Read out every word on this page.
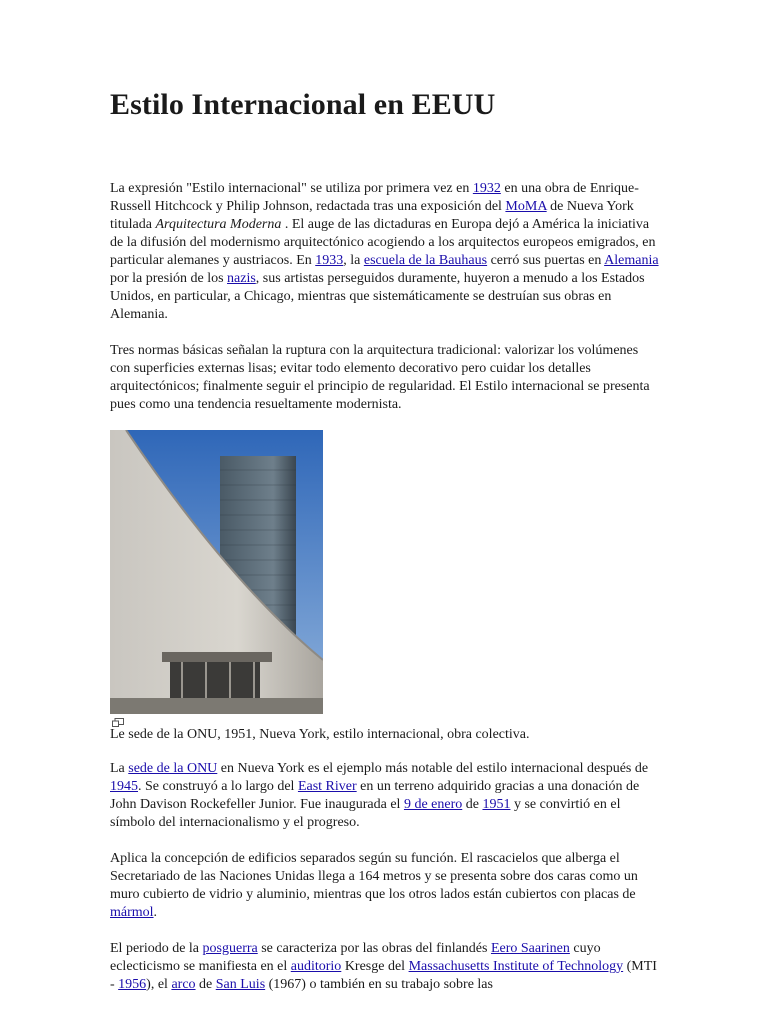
Estilo Internacional en EEUU

La expresión "Estilo internacional" se utiliza por primera vez en 1932 en una obra de Enrique-Russell Hitchcock y Philip Johnson, redactada tras una exposición del MoMA de Nueva York titulada Arquitectura Moderna . El auge de las dictaduras en Europa dejó a América la iniciativa de la difusión del modernismo arquitectónico acogiendo a los arquitectos europeos emigrados, en particular alemanes y austriacos. En 1933, la escuela de la Bauhaus cerró sus puertas en Alemania por la presión de los nazis, sus artistas perseguidos duramente, huyeron a menudo a los Estados Unidos, en particular, a Chicago, mientras que sistemáticamente se destruían sus obras en Alemania.

Tres normas básicas señalan la ruptura con la arquitectura tradicional: valorizar los volúmenes con superficies externas lisas; evitar todo elemento decorativo pero cuidar los detalles arquitectónicos; finalmente seguir el principio de regularidad. El Estilo internacional se presenta pues como una tendencia resueltamente modernista.

Le sede de la ONU, 1951, Nueva York, estilo internacional, obra colectiva.

La sede de la ONU en Nueva York es el ejemplo más notable del estilo internacional después de 1945. Se construyó a lo largo del East River en un terreno adquirido gracias a una donación de John Davison Rockefeller Junior. Fue inaugurada el 9 de enero de 1951 y se convirtió en el símbolo del internacionalismo y el progreso.

Aplica la concepción de edificios separados según su función. El rascacielos que alberga el Secretariado de las Naciones Unidas llega a 164 metros y se presenta sobre dos caras como un muro cubierto de vidrio y aluminio, mientras que los otros lados están cubiertos con placas de mármol.

El periodo de la posguerra se caracteriza por las obras del finlandés Eero Saarinen cuyo eclecticismo se manifiesta en el auditorio Kresge del Massachusetts Institute of Technology (MTI - 1956), el arco de San Luis (1967) o también en su trabajo sobre las
